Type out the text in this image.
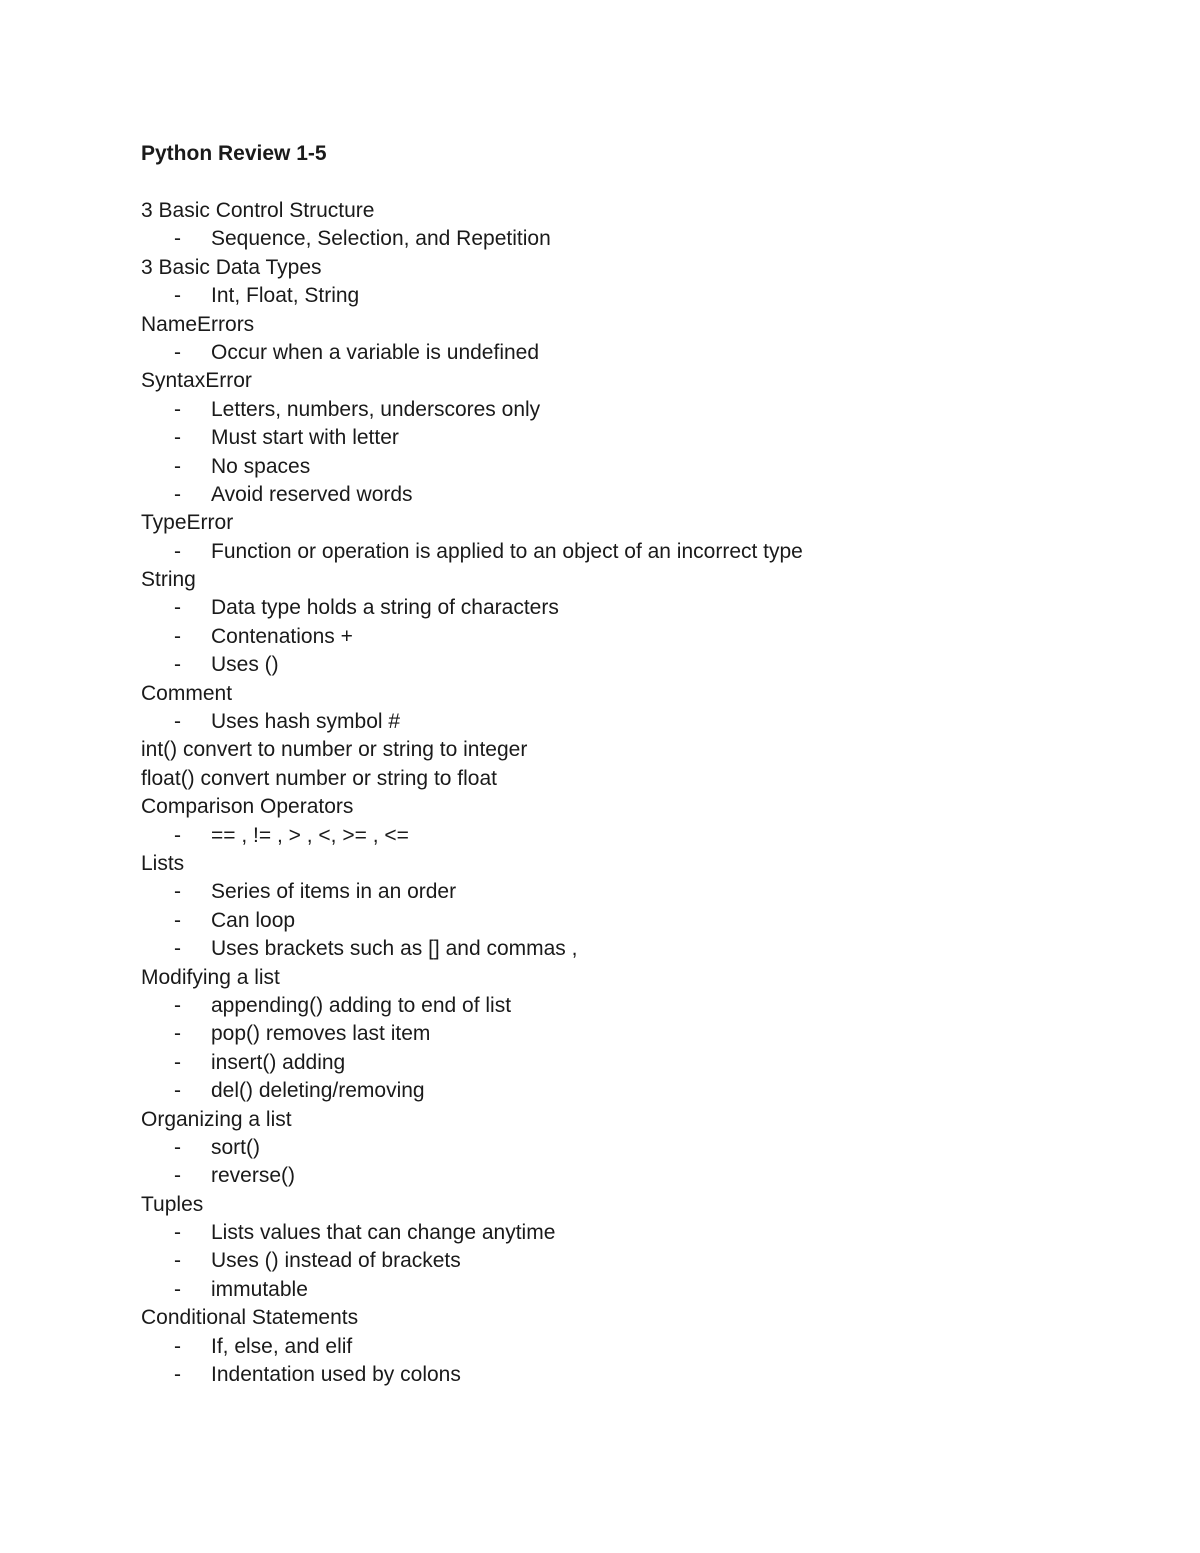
Python Review 1-5
3 Basic Control Structure
- Sequence, Selection, and Repetition
3 Basic Data Types
- Int, Float, String
NameErrors
- Occur when a variable is undefined
SyntaxError
- Letters, numbers, underscores only
- Must start with letter
- No spaces
- Avoid reserved words
TypeError
- Function or operation is applied to an object of an incorrect type
String
- Data type holds a string of characters
- Contenations +
- Uses ()
Comment
- Uses hash symbol #
int() convert to number or string to integer
float() convert number or string to float
Comparison Operators
- == , != , > , <, >= , <=
Lists
- Series of items in an order
- Can loop
- Uses brackets such as [] and commas ,
Modifying a list
- appending() adding to end of list
- pop() removes last item
- insert() adding
- del() deleting/removing
Organizing a list
- sort()
- reverse()
Tuples
- Lists values that can change anytime
- Uses () instead of brackets
- immutable
Conditional Statements
- If, else, and elif
- Indentation used by colons
